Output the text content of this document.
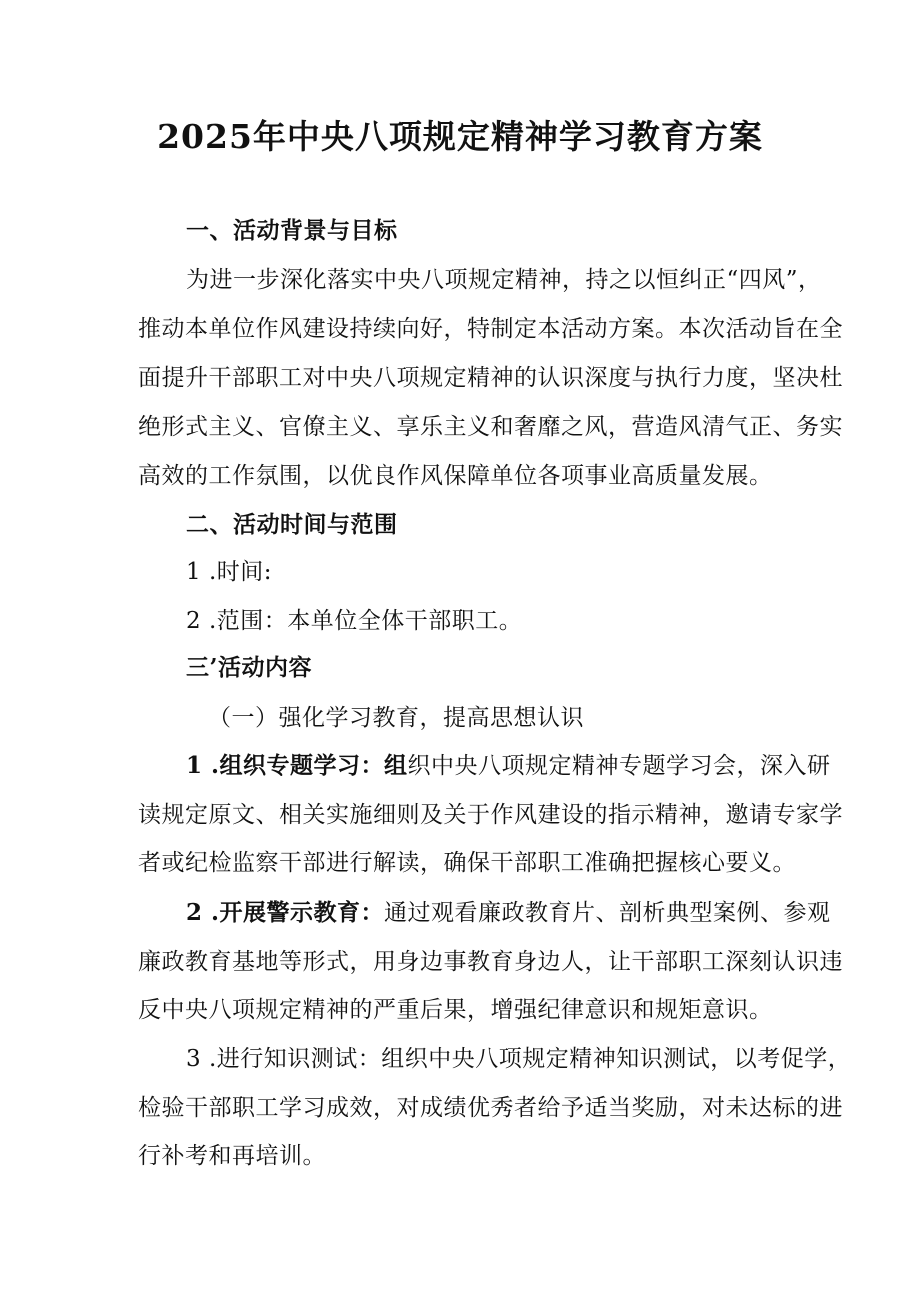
2025年中央八项规定精神学习教育方案
一、活动背景与目标
为进一步深化落实中央八项规定精神，持之以恒纠正“四风”，
推动本单位作风建设持续向好，特制定本活动方案。本次活动旨在全
面提升干部职工对中央八项规定精神的认识深度与执行力度，坚决杜
绝形式主义、官僚主义、享乐主义和奢靡之风，营造风清气正、务实
高效的工作氛围，以优良作风保障单位各项事业高质量发展。
二、活动时间与范围
1 .时间:
2 .范围：本单位全体干部职工。
三’活动内容
（一）强化学习教育，提高思想认识
1 .组织专题学习：组织中央八项规定精神专题学习会，深入研
读规定原文、相关实施细则及关于作风建设的指示精神，邀请专家学
者或纪检监察干部进行解读，确保干部职工准确把握核心要义。
2 .开展警示教育：通过观看廉政教育片、剖析典型案例、参观
廉政教育基地等形式，用身边事教育身边人，让干部职工深刻认识违
反中央八项规定精神的严重后果，增强纪律意识和规矩意识。
3 .进行知识测试：组织中央八项规定精神知识测试，以考促学，
检验干部职工学习成效，对成绩优秀者给予适当奖励，对未达标的进
行补考和再培训。
